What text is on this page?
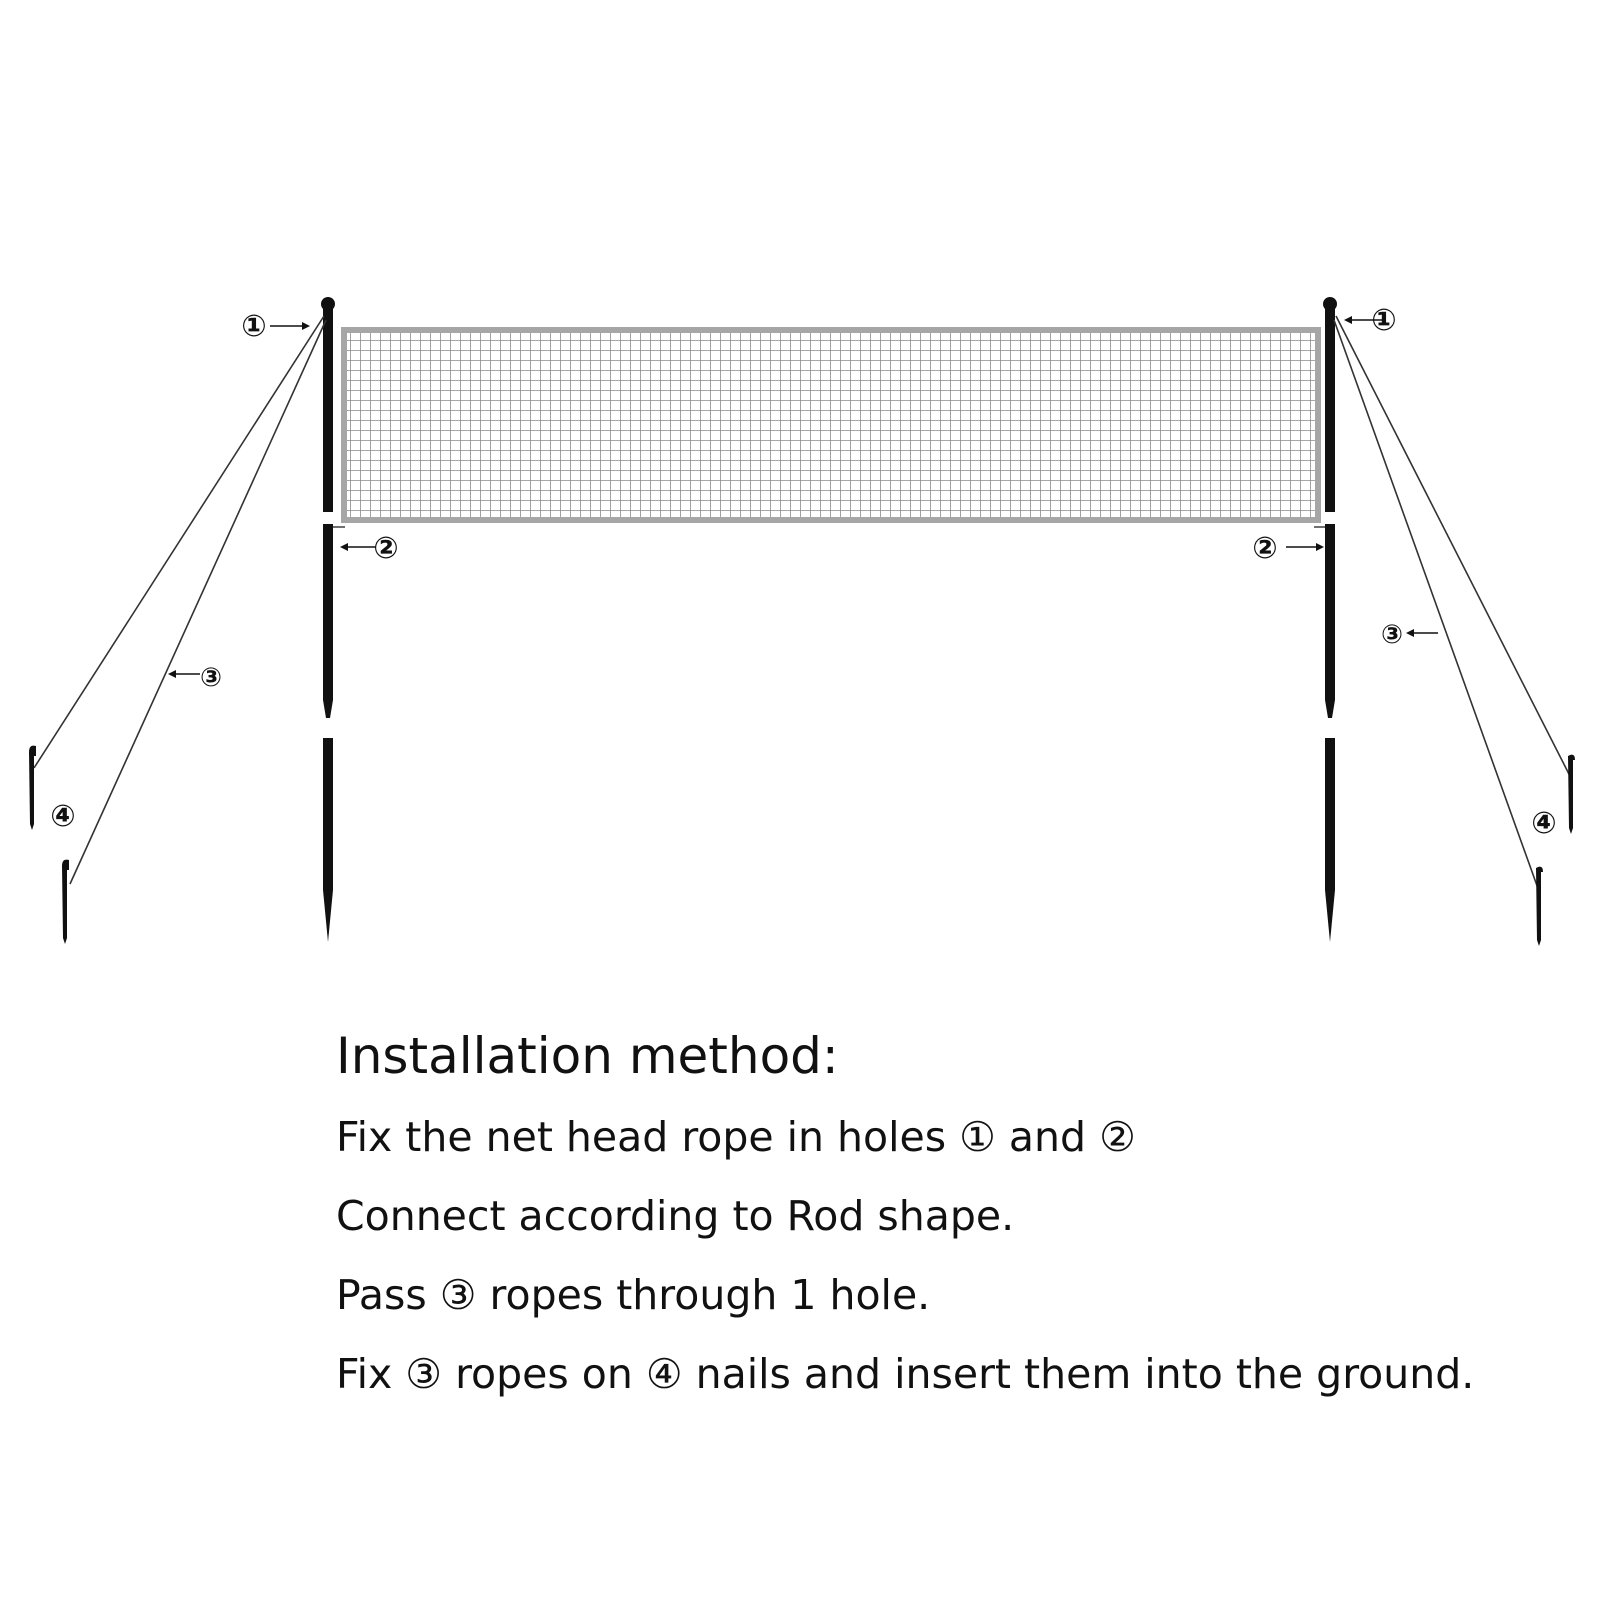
①	①
②	②
③
③
④	④
Installation method:
Fix the net head rope in holes ① and ②
Connect according to Rod shape.
Pass ③ ropes through 1 hole.
Fix ③ ropes on ④ nails and insert them into the ground.
